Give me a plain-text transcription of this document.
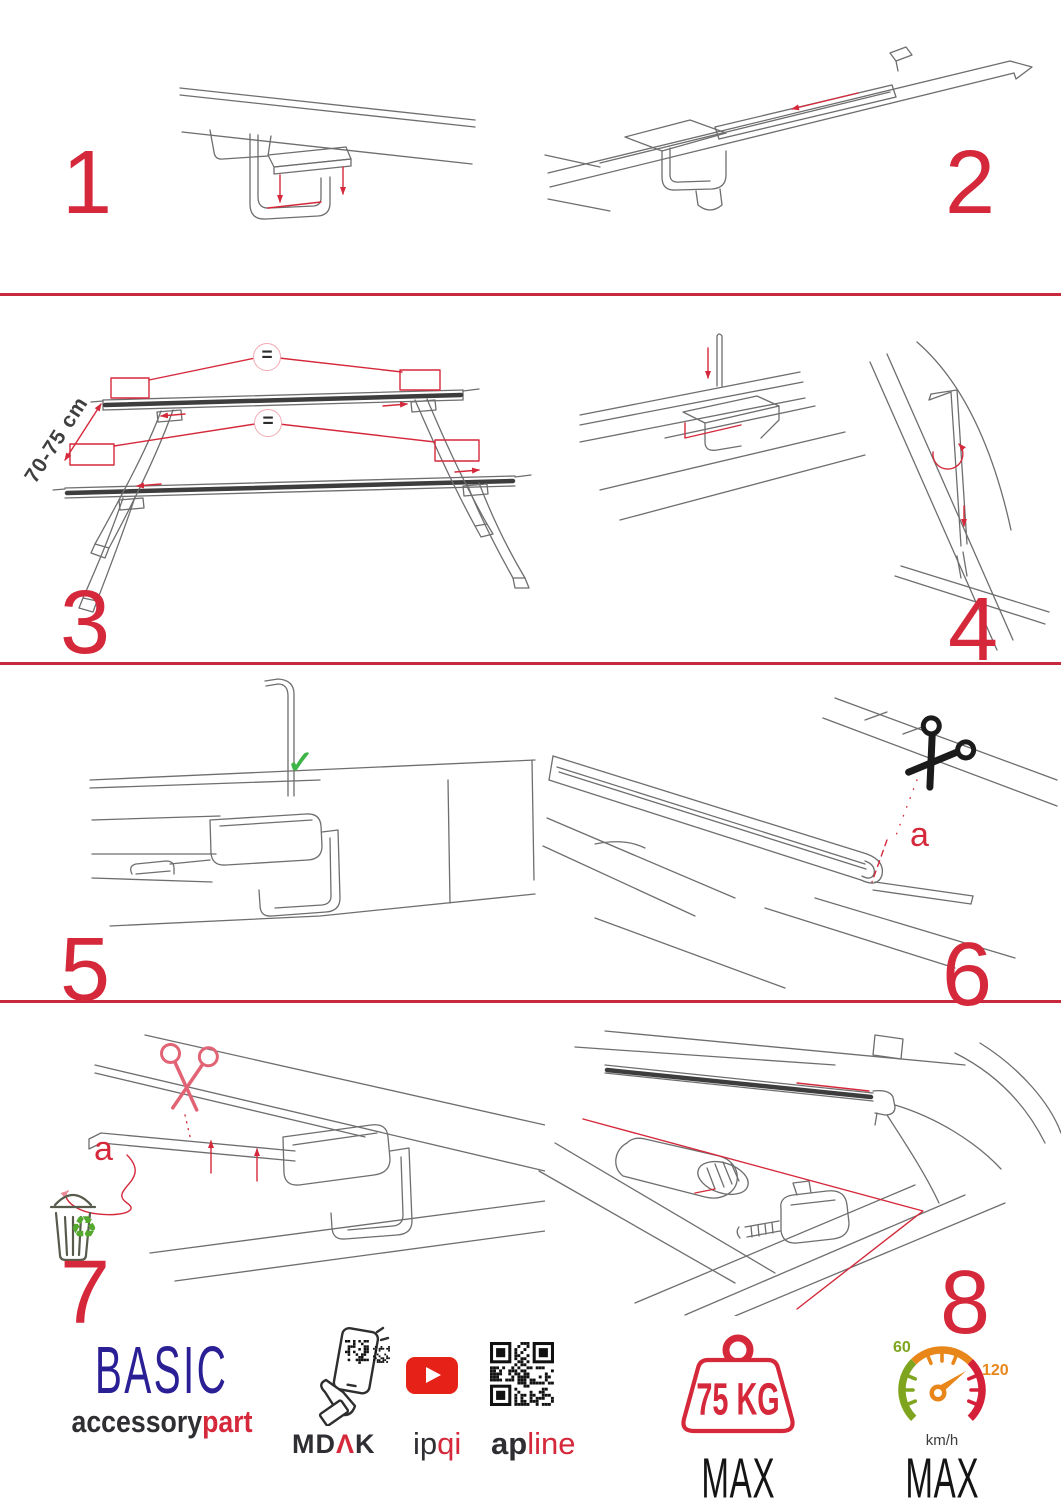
1	2
=
=
70-75 cm
3	4
✓
5
a
6
a
♻
7	8
BASIC
accessorypart
MDΛK ipqi apline
75 KG
MAX
60
120
km/h
MAX
